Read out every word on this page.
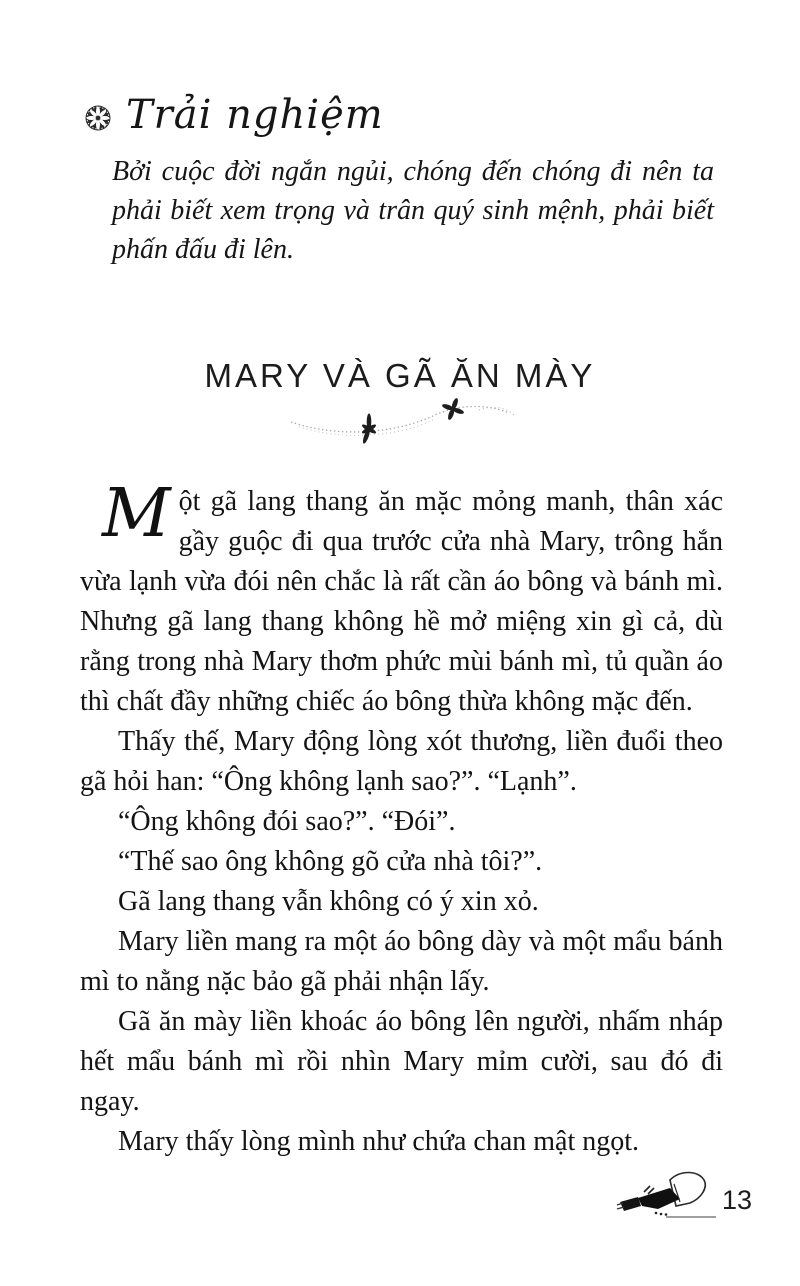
Trải nghiệm
Bởi cuộc đời ngắn ngủi, chóng đến chóng đi nên ta phải biết xem trọng và trân quý sinh mệnh, phải biết phấn đấu đi lên.
MARY VÀ GÃ ĂN MÀY

Một gã lang thang ăn mặc mỏng manh, thân xác gầy guộc đi qua trước cửa nhà Mary, trông hắn vừa lạnh vừa đói nên chắc là rất cần áo bông và bánh mì. Nhưng gã lang thang không hề mở miệng xin gì cả, dù rằng trong nhà Mary thơm phức mùi bánh mì, tủ quần áo thì chất đầy những chiếc áo bông thừa không mặc đến.

Thấy thế, Mary động lòng xót thương, liền đuổi theo gã hỏi han: “Ông không lạnh sao?”. “Lạnh”.

“Ông không đói sao?”. “Đói”.

“Thế sao ông không gõ cửa nhà tôi?”.

Gã lang thang vẫn không có ý xin xỏ.

Mary liền mang ra một áo bông dày và một mẩu bánh mì to nằng nặc bảo gã phải nhận lấy.

Gã ăn mày liền khoác áo bông lên người, nhấm nháp hết mẩu bánh mì rồi nhìn Mary mỉm cười, sau đó đi ngay.

Mary thấy lòng mình như chứa chan mật ngọt.

13
